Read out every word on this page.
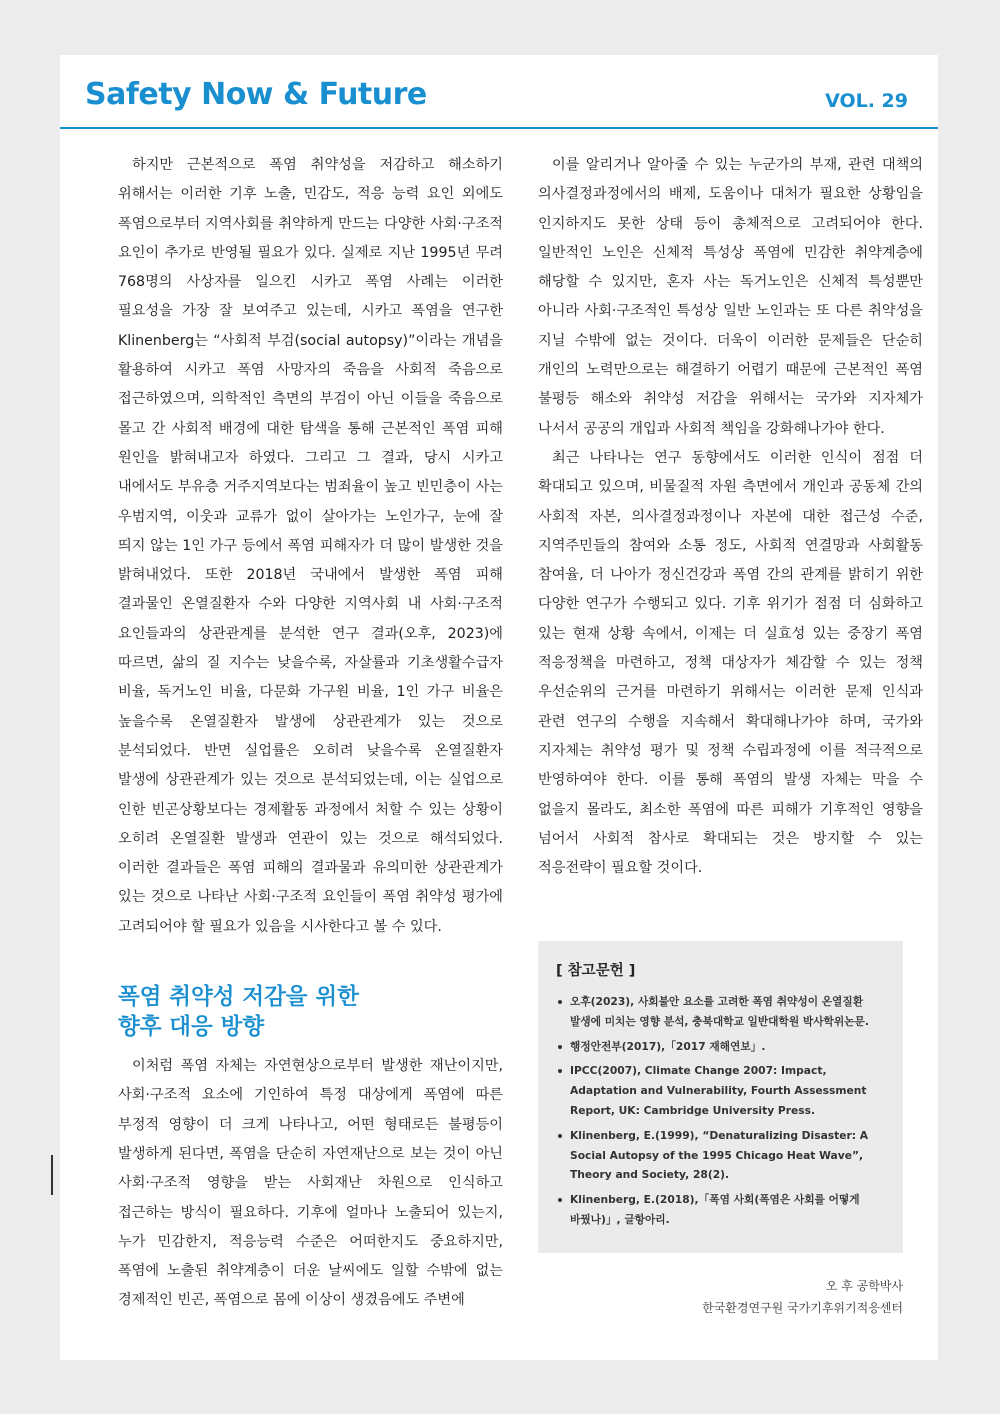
Safety Now & Future	VOL. 29

하지만 근본적으로 폭염 취약성을 저감하고 해소하기 위해서는 이러한 기후 노출, 민감도, 적응 능력 요인 외에도 폭염으로부터 지역사회를 취약하게 만드는 다양한 사회·구조적 요인이 추가로 반영될 필요가 있다. 실제로 지난 1995년 무려 768명의 사상자를 일으킨 시카고 폭염 사례는 이러한 필요성을 가장 잘 보여주고 있는데, 시카고 폭염을 연구한 Klinenberg는 “사회적 부검(social autopsy)”이라는 개념을 활용하여 시카고 폭염 사망자의 죽음을 사회적 죽음으로 접근하였으며, 의학적인 측면의 부검이 아닌 이들을 죽음으로 몰고 간 사회적 배경에 대한 탐색을 통해 근본적인 폭염 피해 원인을 밝혀내고자 하였다. 그리고 그 결과, 당시 시카고 내에서도 부유층 거주지역보다는 범죄율이 높고 빈민층이 사는 우범지역, 이웃과 교류가 없이 살아가는 노인가구, 눈에 잘 띄지 않는 1인 가구 등에서 폭염 피해자가 더 많이 발생한 것을 밝혀내었다. 또한 2018년 국내에서 발생한 폭염 피해 결과물인 온열질환자 수와 다양한 지역사회 내 사회·구조적 요인들과의 상관관계를 분석한 연구 결과(오후, 2023)에 따르면, 삶의 질 지수는 낮을수록, 자살률과 기초생활수급자 비율, 독거노인 비율, 다문화 가구원 비율, 1인 가구 비율은 높을수록 온열질환자 발생에 상관관계가 있는 것으로 분석되었다. 반면 실업률은 오히려 낮을수록 온열질환자 발생에 상관관계가 있는 것으로 분석되었는데, 이는 실업으로 인한 빈곤상황보다는 경제활동 과정에서 처할 수 있는 상황이 오히려 온열질환 발생과 연관이 있는 것으로 해석되었다. 이러한 결과들은 폭염 피해의 결과물과 유의미한 상관관계가 있는 것으로 나타난 사회·구조적 요인들이 폭염 취약성 평가에 고려되어야 할 필요가 있음을 시사한다고 볼 수 있다.

폭염 취약성 저감을 위한
향후 대응 방향

이처럼 폭염 자체는 자연현상으로부터 발생한 재난이지만, 사회·구조적 요소에 기인하여 특정 대상에게 폭염에 따른 부정적 영향이 더 크게 나타나고, 어떤 형태로든 불평등이 발생하게 된다면, 폭염을 단순히 자연재난으로 보는 것이 아닌 사회·구조적 영향을 받는 사회재난 차원으로 인식하고 접근하는 방식이 필요하다. 기후에 얼마나 노출되어 있는지, 누가 민감한지, 적응능력 수준은 어떠한지도 중요하지만, 폭염에 노출된 취약계층이 더운 날씨에도 일할 수밖에 없는 경제적인 빈곤, 폭염으로 몸에 이상이 생겼음에도 주변에

이를 알리거나 알아줄 수 있는 누군가의 부재, 관련 대책의 의사결정과정에서의 배제, 도움이나 대처가 필요한 상황임을 인지하지도 못한 상태 등이 총체적으로 고려되어야 한다. 일반적인 노인은 신체적 특성상 폭염에 민감한 취약계층에 해당할 수 있지만, 혼자 사는 독거노인은 신체적 특성뿐만 아니라 사회·구조적인 특성상 일반 노인과는 또 다른 취약성을 지닐 수밖에 없는 것이다. 더욱이 이러한 문제들은 단순히 개인의 노력만으로는 해결하기 어렵기 때문에 근본적인 폭염 불평등 해소와 취약성 저감을 위해서는 국가와 지자체가 나서서 공공의 개입과 사회적 책임을 강화해나가야 한다.

최근 나타나는 연구 동향에서도 이러한 인식이 점점 더 확대되고 있으며, 비물질적 자원 측면에서 개인과 공동체 간의 사회적 자본, 의사결정과정이나 자본에 대한 접근성 수준, 지역주민들의 참여와 소통 정도, 사회적 연결망과 사회활동 참여율, 더 나아가 정신건강과 폭염 간의 관계를 밝히기 위한 다양한 연구가 수행되고 있다. 기후 위기가 점점 더 심화하고 있는 현재 상황 속에서, 이제는 더 실효성 있는 중장기 폭염 적응정책을 마련하고, 정책 대상자가 체감할 수 있는 정책 우선순위의 근거를 마련하기 위해서는 이러한 문제 인식과 관련 연구의 수행을 지속해서 확대해나가야 하며, 국가와 지자체는 취약성 평가 및 정책 수립과정에 이를 적극적으로 반영하여야 한다. 이를 통해 폭염의 발생 자체는 막을 수 없을지 몰라도, 최소한 폭염에 따른 피해가 기후적인 영향을 넘어서 사회적 참사로 확대되는 것은 방지할 수 있는 적응전략이 필요할 것이다.

[ 참고문헌 ]
오후(2023), 사회불안 요소를 고려한 폭염 취약성이 온열질환 발생에 미치는 영향 분석, 충북대학교 일반대학원 박사학위논문.
행정안전부(2017),「2017 재해연보」.
IPCC(2007), Climate Change 2007: Impact, Adaptation and Vulnerability, Fourth Assessment Report, UK: Cambridge University Press.
Klinenberg, E.(1999), “Denaturalizing Disaster: A Social Autopsy of the 1995 Chicago Heat Wave”, Theory and Society, 28(2).
Klinenberg, E.(2018),「폭염 사회(폭염은 사회를 어떻게 바꿨나)」, 글항아리.
오 후 공학박사
한국환경연구원 국가기후위기적응센터
